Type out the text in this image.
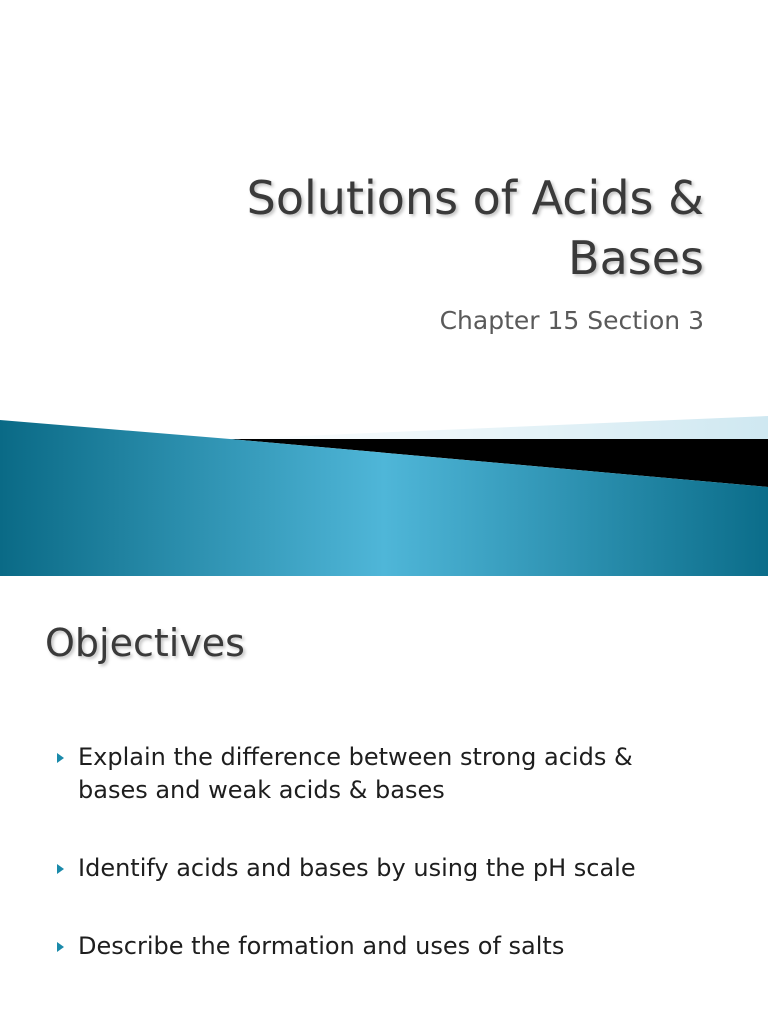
Solutions of Acids &
Bases
Chapter 15 Section 3
Objectives
Explain the difference between strong acids &
bases and weak acids & bases
Identify acids and bases by using the pH scale
Describe the formation and uses of salts
